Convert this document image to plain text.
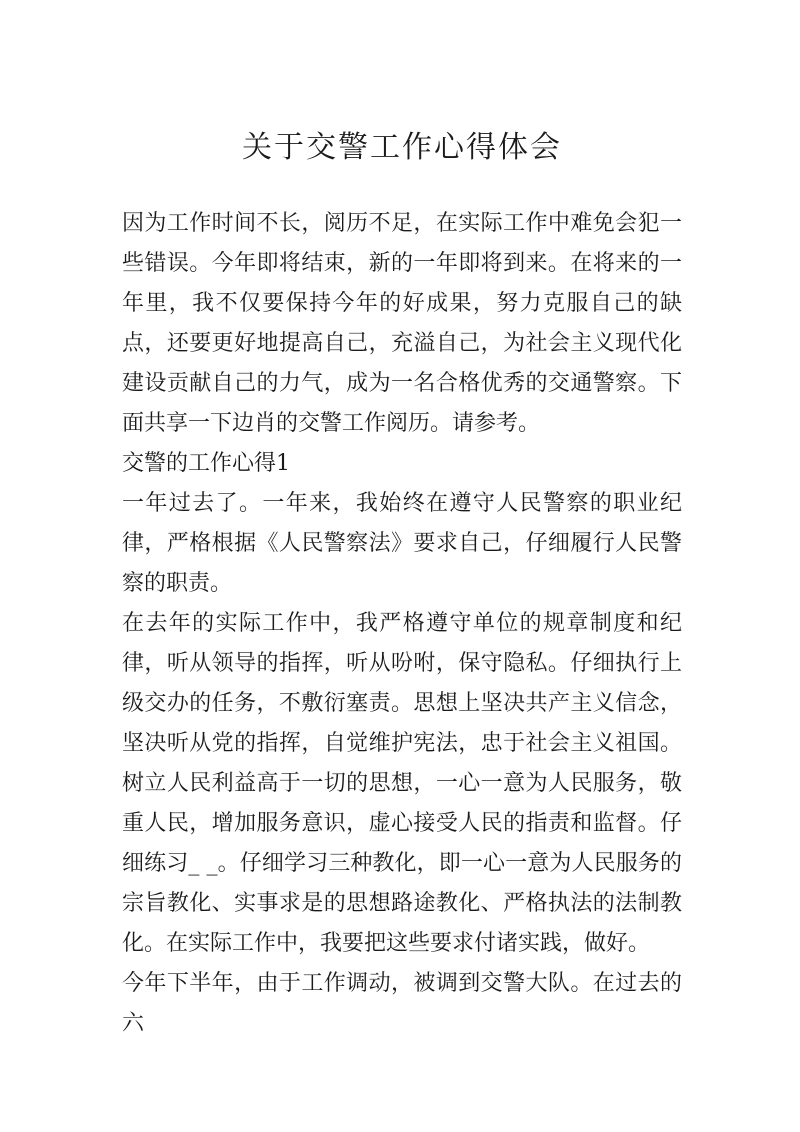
关于交警工作心得体会

因为工作时间不长，阅历不足，在实际工作中难免会犯一些错误。今年即将结束，新的一年即将到来。在将来的一年里，我不仅要保持今年的好成果，努力克服自己的缺点，还要更好地提高自己，充溢自己，为社会主义现代化建设贡献自己的力气，成为一名合格优秀的交通警察。下面共享一下边肖的交警工作阅历。请参考。

交警的工作心得1

一年过去了。一年来，我始终在遵守人民警察的职业纪律，严格根据《人民警察法》要求自己，仔细履行人民警察的职责。

在去年的实际工作中，我严格遵守单位的规章制度和纪律，听从领导的指挥，听从吩咐，保守隐私。仔细执行上级交办的任务，不敷衍塞责。思想上坚决共产主义信念，坚决听从党的指挥，自觉维护宪法，忠于社会主义祖国。树立人民利益高于一切的思想，一心一意为人民服务，敬重人民，增加服务意识，虚心接受人民的指责和监督。仔细练习_ _。仔细学习三种教化，即一心一意为人民服务的宗旨教化、实事求是的思想路途教化、严格执法的法制教化。在实际工作中，我要把这些要求付诸实践，做好。

今年下半年，由于工作调动，被调到交警大队。在过去的六
